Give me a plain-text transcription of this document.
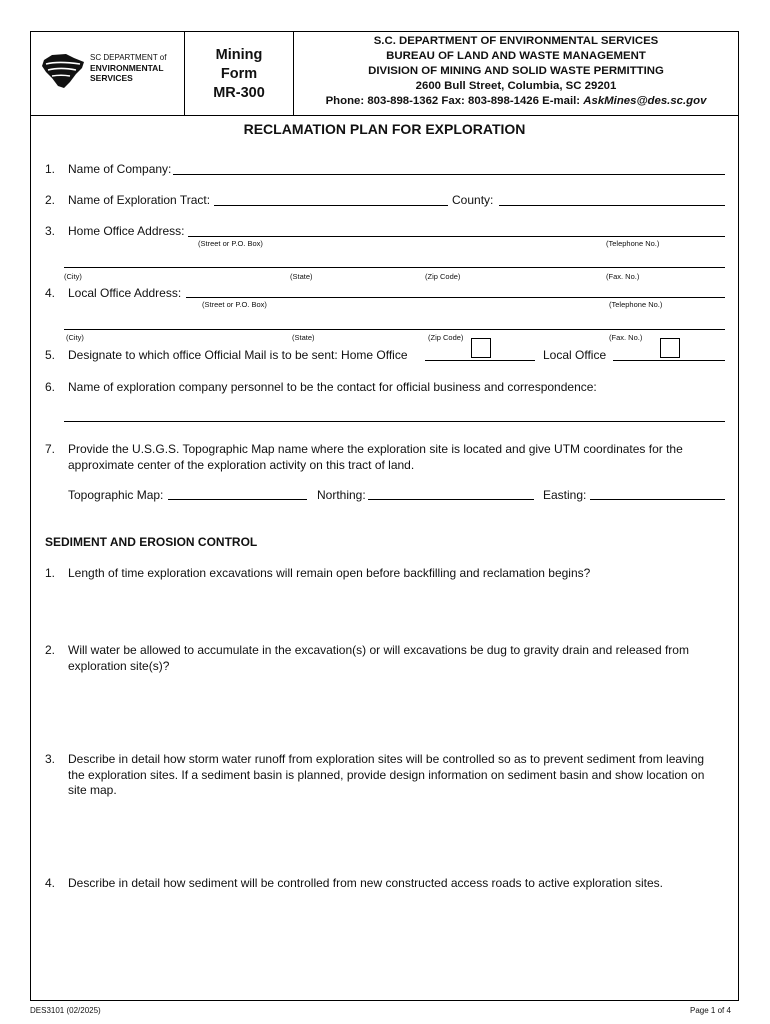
SC DEPARTMENT of
ENVIRONMENTAL
SERVICES
Mining
Form
MR-300
S.C. DEPARTMENT OF ENVIRONMENTAL SERVICES
BUREAU OF LAND AND WASTE MANAGEMENT
DIVISION OF MINING AND SOLID WASTE PERMITTING
2600 Bull Street, Columbia, SC 29201
Phone: 803-898-1362 Fax: 803-898-1426 E-mail: AskMines@des.sc.gov
RECLAMATION PLAN FOR EXPLORATION
1. Name of Company:
2. Name of Exploration Tract:	County:
3. Home Office Address:
(Street or P.O. Box)	(Telephone No.)
(City)	(State)	(Zip Code)	(Fax. No.)
4. Local Office Address:
(Street or P.O. Box)	(Telephone No.)
(City)	(State)	(Zip Code)	(Fax. No.)
5. Designate to which office Official Mail is to be sent: Home Office	Local Office
6. Name of exploration company personnel to be the contact for official business and correspondence:
7. Provide the U.S.G.S. Topographic Map name where the exploration site is located and give UTM coordinates for the
approximate center of the exploration activity on this tract of land.
Topographic Map:	Northing:	Easting:
SEDIMENT AND EROSION CONTROL
1. Length of time exploration excavations will remain open before backfilling and reclamation begins?
2. Will water be allowed to accumulate in the excavation(s) or will excavations be dug to gravity drain and released from
exploration site(s)?
3. Describe in detail how storm water runoff from exploration sites will be controlled so as to prevent sediment from leaving
the exploration sites. If a sediment basin is planned, provide design information on sediment basin and show location on
site map.
4. Describe in detail how sediment will be controlled from new constructed access roads to active exploration sites.
DES3101 (02/2025)	Page 1 of 4
